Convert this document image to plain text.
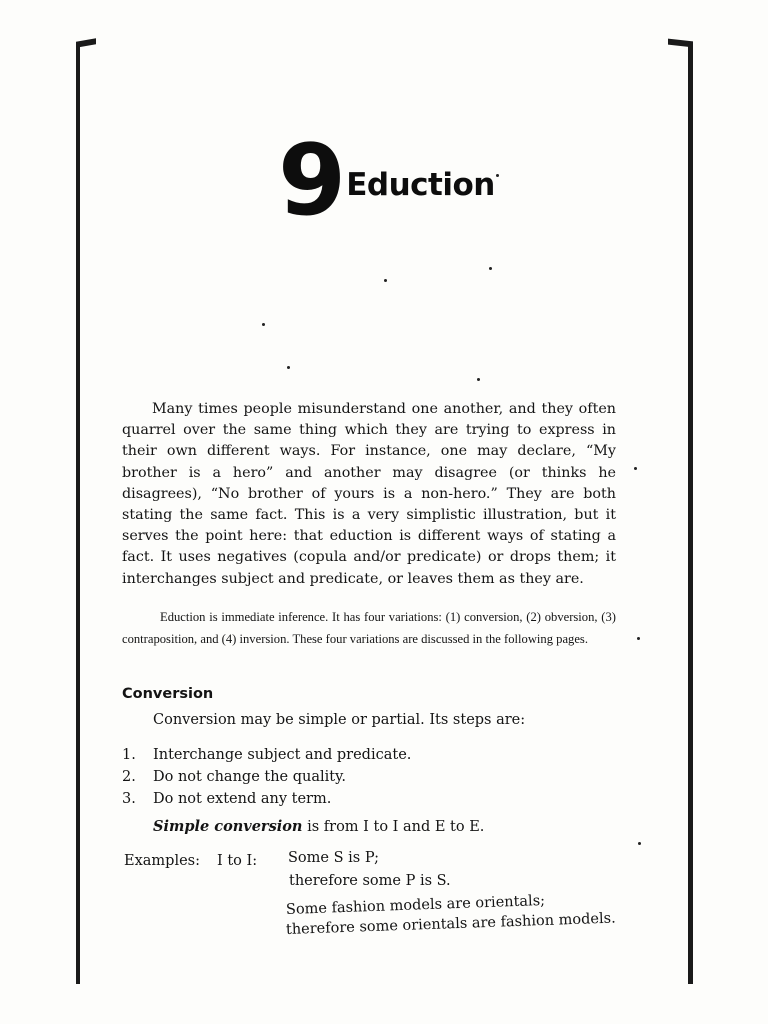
9 Eduction

Many times people misunderstand one another, and they often quarrel over the same thing which they are trying to express in their own different ways. For instance, one may declare, “My brother is a hero” and another may disagree (or thinks he disagrees), “No brother of yours is a non-hero.” They are both stating the same fact. This is a very simplistic illustration, but it serves the point here: that eduction is different ways of stating a fact. It uses negatives (copula and/or predicate) or drops them; it interchanges subject and predicate, or leaves them as they are.

Eduction is immediate inference. It has four variations: (1) conversion, (2) obversion, (3) contraposition, and (4) inversion. These four variations are discussed in the following pages.

Conversion
Conversion may be simple or partial. Its steps are:
1.	Interchange subject and predicate.
2.	Do not change the quality.
3.	Do not extend any term.
Simple conversion is from I to I and E to E.
Examples: I to I: Some S is P;
therefore some P is S.
Some fashion models are orientals;
therefore some orientals are fashion models.
